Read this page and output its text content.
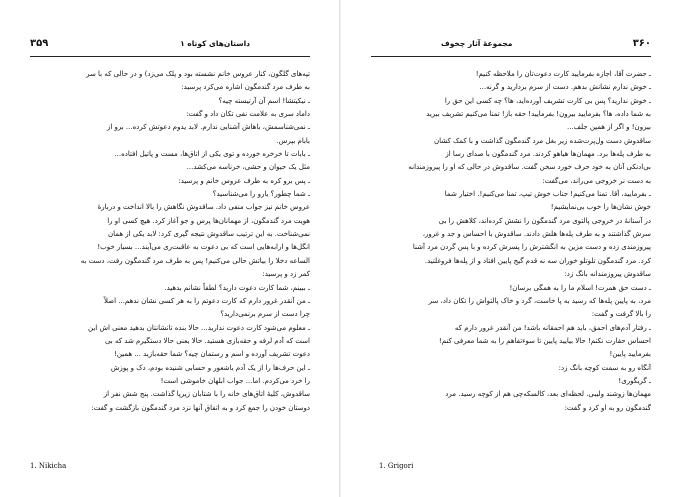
۳۵۹	داستان‌های کوتاه ۱
تپه‌های گلگون، کنار عروس خانم نشسته بود و پلک می‌زد) و در حالی که با سر
به طرف مرد گندمگون اشاره می‌کرد پرسید:
ـ نیکیتشا! اسم آن آرتیسته چیه؟
داماد سری به علامت نفی تکان داد و گفت:
ـ نمی‌شناسمش، باهاش آشنایی ندارم. لابد یدوم دعوتش کرده... برو از
بابام بپرس.
ـ بابات تا خرخره خورده و توی یکی از اتاق‌ها، مست و پاتیل افتاده...
مثل یک حیوان و حشی، خرناسه می‌کشد...
ـ پس برو کره به طرف عروس خانم و پرسید:
ـ شما چطور؟ یارو را می‌شناسید؟
عروس خانم نیز جواب منفی داد. ساقدوش نگاهش را بالا انداخت و دربارهٔ
هویت مرد گندمگون، از مهمانان‌ها پرس و جو آغاز کرد. هیچ کسی او را
نمی‌شناخت. به این ترتیب ساقدوش نتیجه گیری کرد: لابد یکی از همان
انگل‌ها و ارابه‌هایی است که بی دعوت به عاقبت‌ری می‌آیند... بسیار خوب!
الساعه دخلا را بیاتش حالی می‌کنیم! پس به طرف مرد گندمگون رفت، دست به
کمر زد و پرسید:
ـ ببینم، شما کارت دعوت دارید؟ لطفاً نشانم بدهید.
ـ من آنقدر غرور دارم که کارت دعوتم را به هر کسی نشان ندهم... اصلاً
چرا دست از سرم برنمی‌دارید؟
ـ معلوم می‌شود کارت دعوت ندارید... حالا بنده تانشانتان بدهید معنی اش این
است که آدم لرفه و حقه‌بازی هستید. حالا یعنی حالا دستگیرم شد که بی
دعوت تشریف آورده و اسم و رستمان چیه؟ شما حقه‌بازید ... همین!
ـ این حرف‌ها را از یک آدم باشعور و حسابی شنیده بودم، دک و پوزش
را خرد می‌کردم. اما... جواب ابلهان خاموشی است!
ساقدوش، کلیهٔ اتاق‌های خانه را با شتابان زیرپا گذاشت. پنج شش نفر از
دوستان خودن را جمع کرد و به اتفاق آنها نزد مرد گندمگون بازگشت و گفت:
1. Nikicha
۳۶۰
مجموعهٔ آثار چخوف
ـ حضرت آقا، اجازه بفرمایید کارت دعوت‌تان را ملاحظه کنیم!
ـ خوش ندارم نشانش بدهم. دست از سرم بردارید و گرنه...
ـ خوش ندارید؟ پس بی کارت تشریف آورده‌اید، ها؟ چه کسی این حق را
به شما داده، ها؟ بفرمایید بیرون! بفرمایید! حقه باز! تمنا می‌کنیم تشریف ببرید
بیرون! و اگر از همین جلف...
ساقدوش دست ول‌پرت‌شده زیر بغل مرد گندمگون گذاشت و با کمک کشان
به طرف پله‌ها برد. مهمان‌ها هیاهو کردند. مرد گندمگون با صدای رسا از
بی‌ادنکی آنان به خود حرف خورد سخن گفت. ساقدوش در حالی که او را پیروزمندانه
به دست نر خروجی می‌راند، می‌گفت:
ـ بفرمایید، آقا. تمنا می‌کنیم! جناب خوش تیپ، تمنا می‌کنیم!. اختیار شما
خوش نشان‌ها را خوب بی‌نمایشیم!
در آستانهٔ در خروجی پالتوی مرد گندمگون را نشش کرده‌اند، کلاهش را بی
سرش گذاشتند و به طرف پله‌ها هلش دادند. ساقدوش با احساس و جد و غرور،
پیروزمندی زده و دست مزین به انگشترش را پسرش کرده و با پس گردن مرد آشنا
کرد. مرد گندمگون تلوتلو خوران سه نه قدم گیج پایین افتاد و از پله‌ها فروغلتید.
ساقدوش پیروزمندانه بانگ زد:
ـ دست حق همرت! اسلام ما را به همگی برسان!
مرد، به پایین پله‌ها که رسید به پا خاست، گرد و خاک پالتواش را تکان داد، سر
را بالا گرفت و گفت:
ـ رفتار آدم‌های احمق، باید هم احمقانه باشد! من آنقدر غرور دارم که
احساس حقارت نکنم! حالا بیایید پایین تا سوءتفاهم را به شما معرفی کنم!
بفرمایید پایین!
آنگاه رو به سمت کوچه بانگ زد:
ـ گریگوری!
مهمان‌ها زوشند ولیبی. لحظه‌ای بعد، کالسکه‌چی هم از کوچه رسید. مرد
گندمگون رو به او کرد و گفت:
1. Grigori
